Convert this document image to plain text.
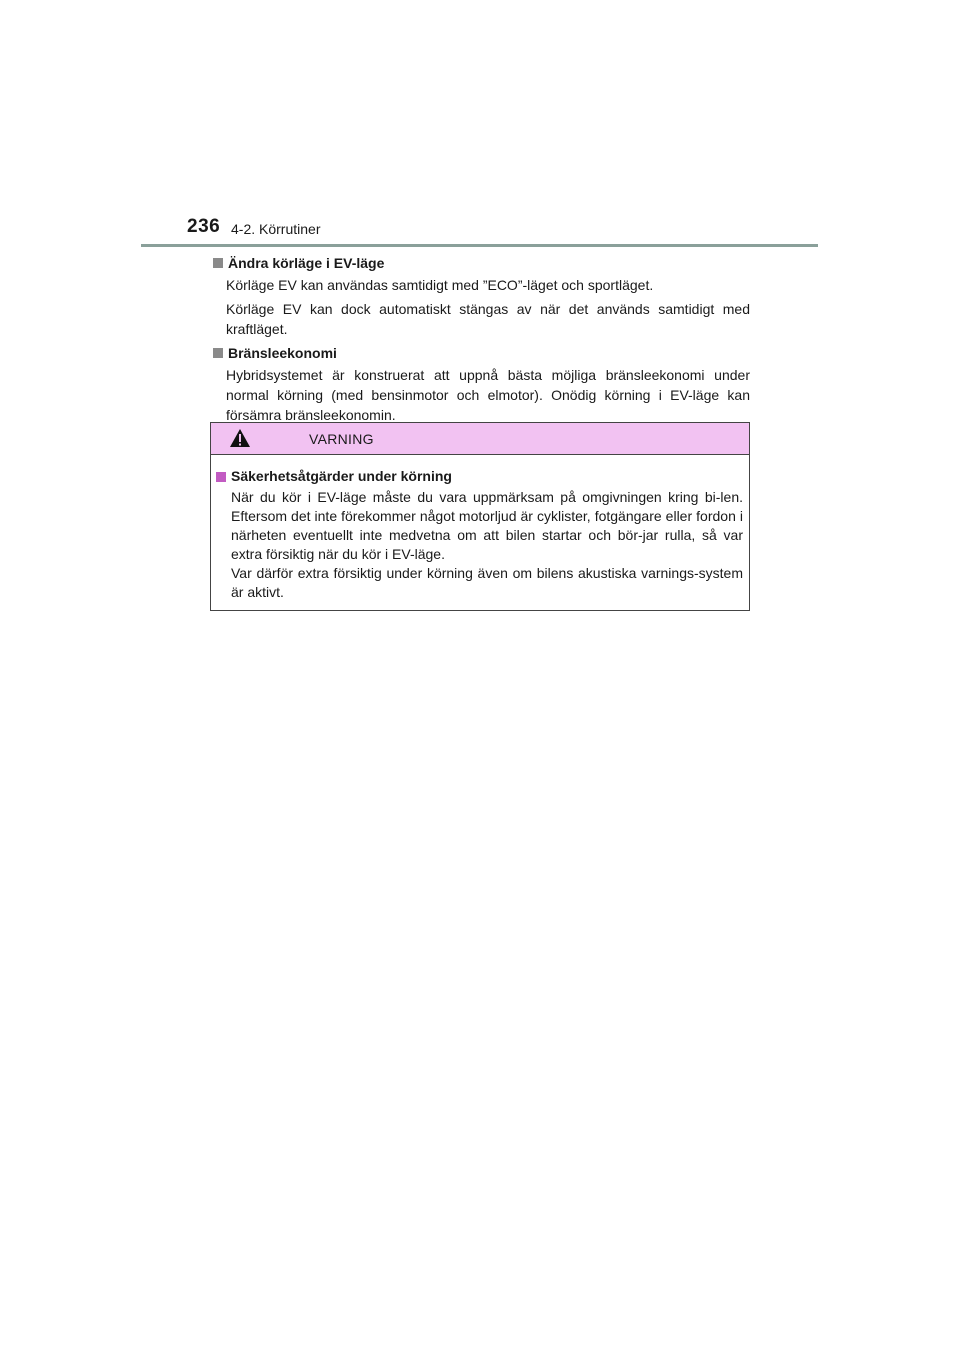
236 4-2. Körrutiner
Ändra körläge i EV-läge
Körläge EV kan användas samtidigt med ”ECO”-läget och sportläget.
Körläge EV kan dock automatiskt stängas av när det används samtidigt med kraftläget.
Bränsleekonomi
Hybridsystemet är konstruerat att uppnå bästa möjliga bränsleekonomi under normal körning (med bensinmotor och elmotor). Onödig körning i EV-läge kan försämra bränsleekonomin.
VARNING
Säkerhetsåtgärder under körning
När du kör i EV-läge måste du vara uppmärksam på omgivningen kring bi-len. Eftersom det inte förekommer något motorljud är cyklister, fotgängare eller fordon i närheten eventuellt inte medvetna om att bilen startar och bör-jar rulla, så var extra försiktig när du kör i EV-läge.
Var därför extra försiktig under körning även om bilens akustiska varnings-system är aktivt.
